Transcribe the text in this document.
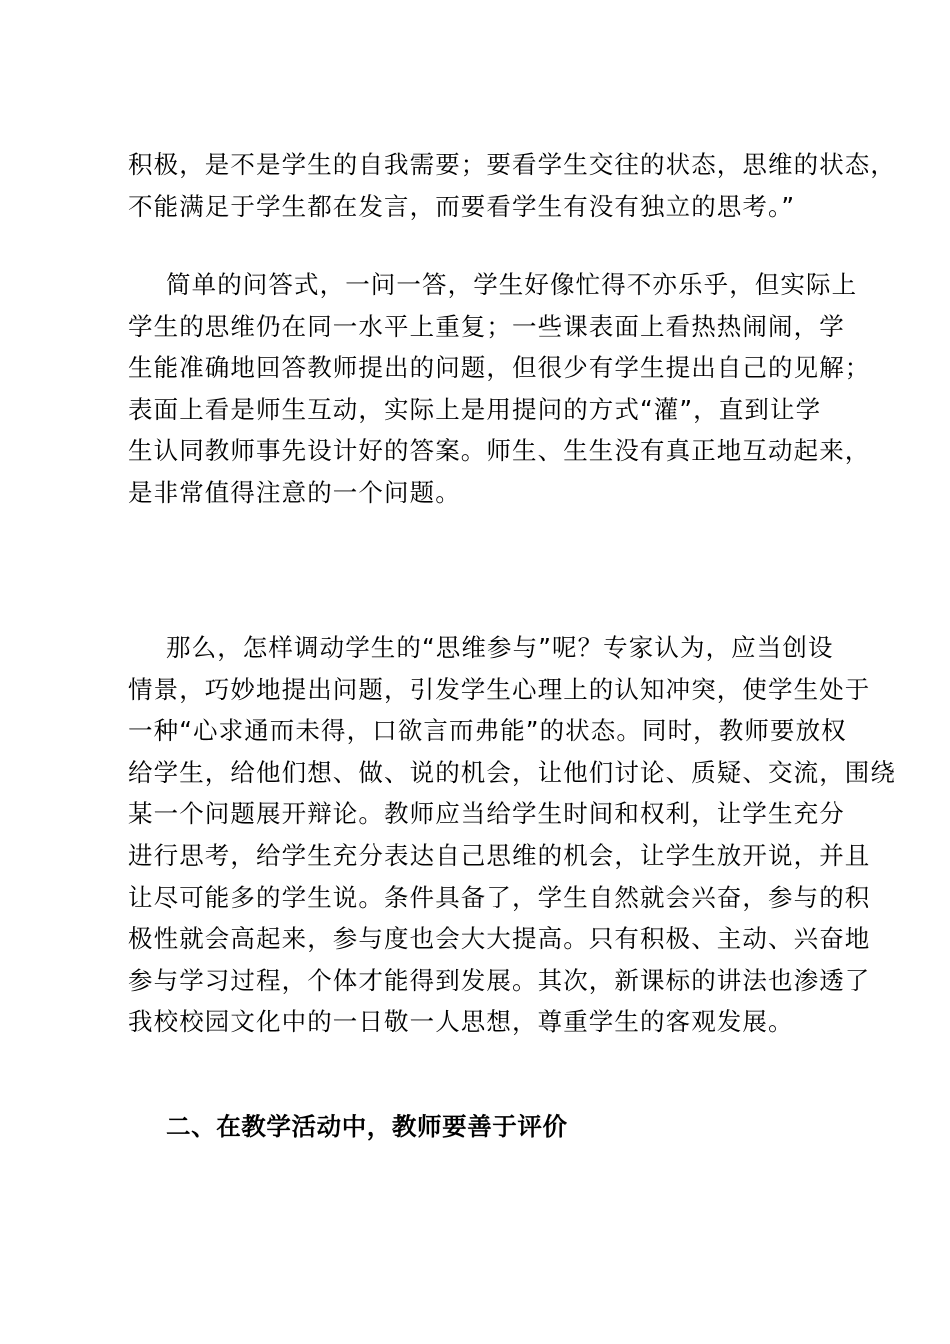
积极，是不是学生的自我需要；要看学生交往的状态，思维的状态，
不能满足于学生都在发言，而要看学生有没有独立的思考。”
简单的问答式，一问一答，学生好像忙得不亦乐乎，但实际上
学生的思维仍在同一水平上重复；一些课表面上看热热闹闹，学
生能准确地回答教师提出的问题，但很少有学生提出自己的见解；
表面上看是师生互动，实际上是用提问的方式“灌”，直到让学
生认同教师事先设计好的答案。师生、生生没有真正地互动起来，
是非常值得注意的一个问题。
那么，怎样调动学生的“思维参与”呢？专家认为，应当创设
情景，巧妙地提出问题，引发学生心理上的认知冲突，使学生处于
一种“心求通而未得，口欲言而弗能”的状态。同时，教师要放权
给学生，给他们想、做、说的机会，让他们讨论、质疑、交流，围绕
某一个问题展开辩论。教师应当给学生时间和权利，让学生充分
进行思考，给学生充分表达自己思维的机会，让学生放开说，并且
让尽可能多的学生说。条件具备了，学生自然就会兴奋，参与的积
极性就会高起来，参与度也会大大提高。只有积极、主动、兴奋地
参与学习过程，个体才能得到发展。其次，新课标的讲法也渗透了
我校校园文化中的一日敬一人思想，尊重学生的客观发展。
二、在教学活动中，教师要善于评价
